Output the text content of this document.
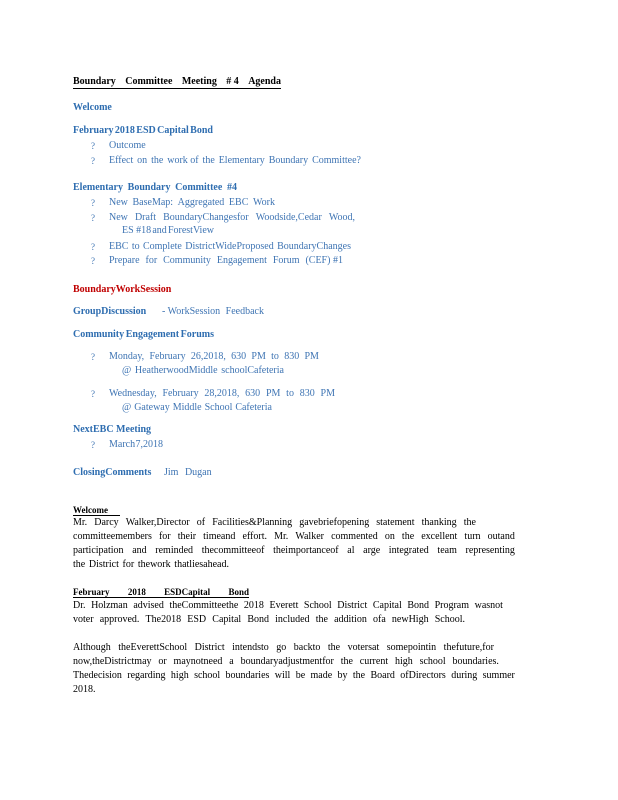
Boundary Committee Meeting # 4 Agenda
Welcome
February 2018 ESD Capital Bond
? Outcome
? Effect on the work of the Elementary Boundary Committee?
Elementary Boundary Committee #4
? New BaseMap: Aggregated EBC Work
? New Draft BoundaryChangesfor Woodside,Cedar Wood,
ES #18 and ForestView
? EBC to Complete DistrictWideProposed BoundaryChanges
? Prepare for Community Engagement Forum (CEF) #1
Boundary Work Session
Group Discussion - WorkSession Feedback
Community Engagement Forums
? Monday, February 26,2018, 630 PM to 830 PM
@ HeatherwoodMiddle schoolCafeteria
? Wednesday, February 28,2018, 630 PM to 830 PM
@ Gateway Middle School Cafeteria
Next EBC Meeting
? March 7,2018
Closing Comments Jim Dugan
Welcome
Mr. Darcy Walker,Director of Facilities&Planning gavebriefopening statement thanking the
committeemembers for their timeand effort. Mr. Walker commented on the excellent turn outand
participation and reminded thecommitteeof theimportanceof al arge integrated team representing
the District for thework thatliesahead.
February 2018 ESDCapital Bond
Dr. Holzman advised theCommitteethe 2018 Everett School District Capital Bond Program wasnot
voter approved. The2018 ESD Capital Bond included the addition ofa newHigh School.
Although theEverettSchool District intendsto go backto the votersat somepointin thefuture,for
now,theDistrictmay or maynotneed a boundaryadjustmentfor the current high school boundaries.
Thedecision regarding high school boundaries will be made by the Board ofDirectors during summer
2018.
